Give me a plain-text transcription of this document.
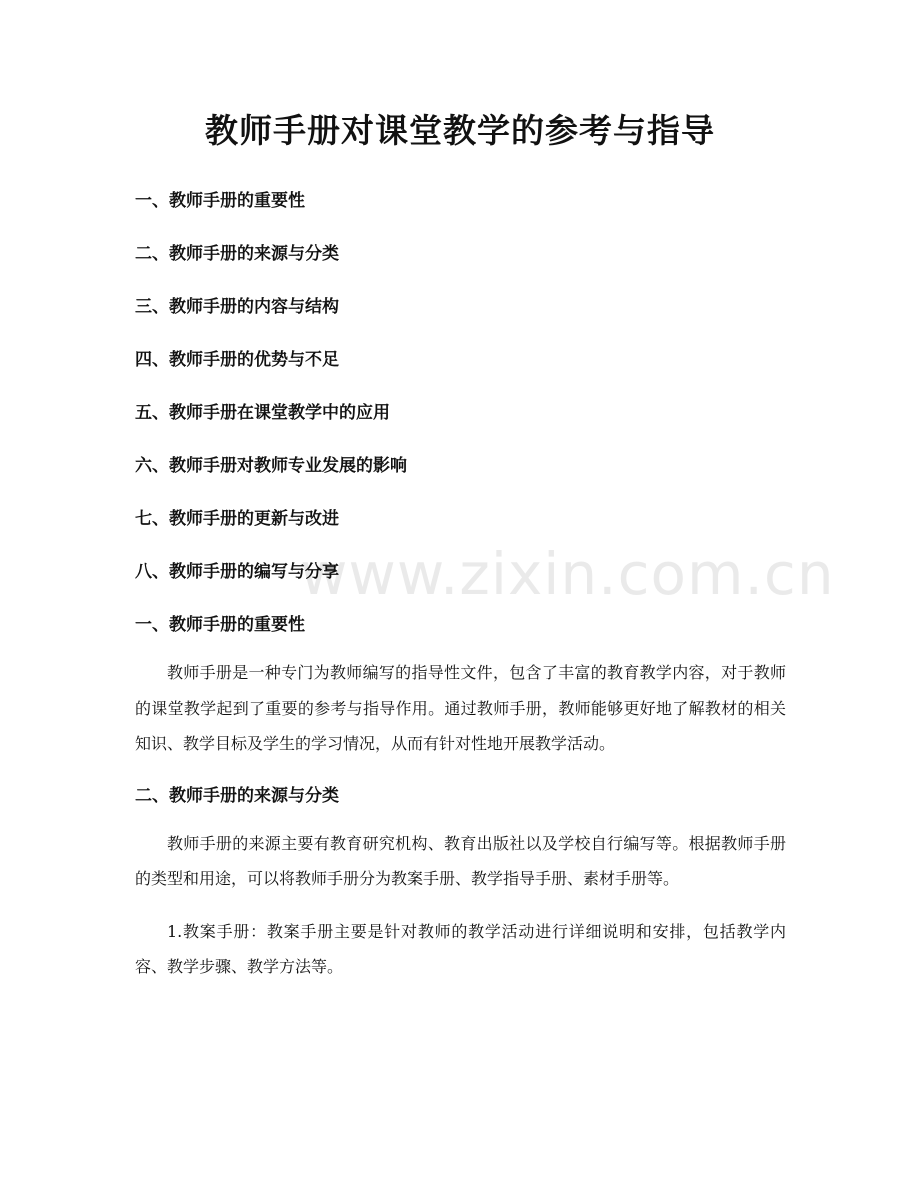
www.zixin.com.cn
教师手册对课堂教学的参考与指导
一、教师手册的重要性
二、教师手册的来源与分类
三、教师手册的内容与结构
四、教师手册的优势与不足
五、教师手册在课堂教学中的应用
六、教师手册对教师专业发展的影响
七、教师手册的更新与改进
八、教师手册的编写与分享
一、教师手册的重要性

教师手册是一种专门为教师编写的指导性文件，包含了丰富的教育教学内容，对于教师的课堂教学起到了重要的参考与指导作用。通过教师手册，教师能够更好地了解教材的相关知识、教学目标及学生的学习情况，从而有针对性地开展教学活动。

二、教师手册的来源与分类

教师手册的来源主要有教育研究机构、教育出版社以及学校自行编写等。根据教师手册的类型和用途，可以将教师手册分为教案手册、教学指导手册、素材手册等。

1.教案手册：教案手册主要是针对教师的教学活动进行详细说明和安排，包括教学内容、教学步骤、教学方法等。
